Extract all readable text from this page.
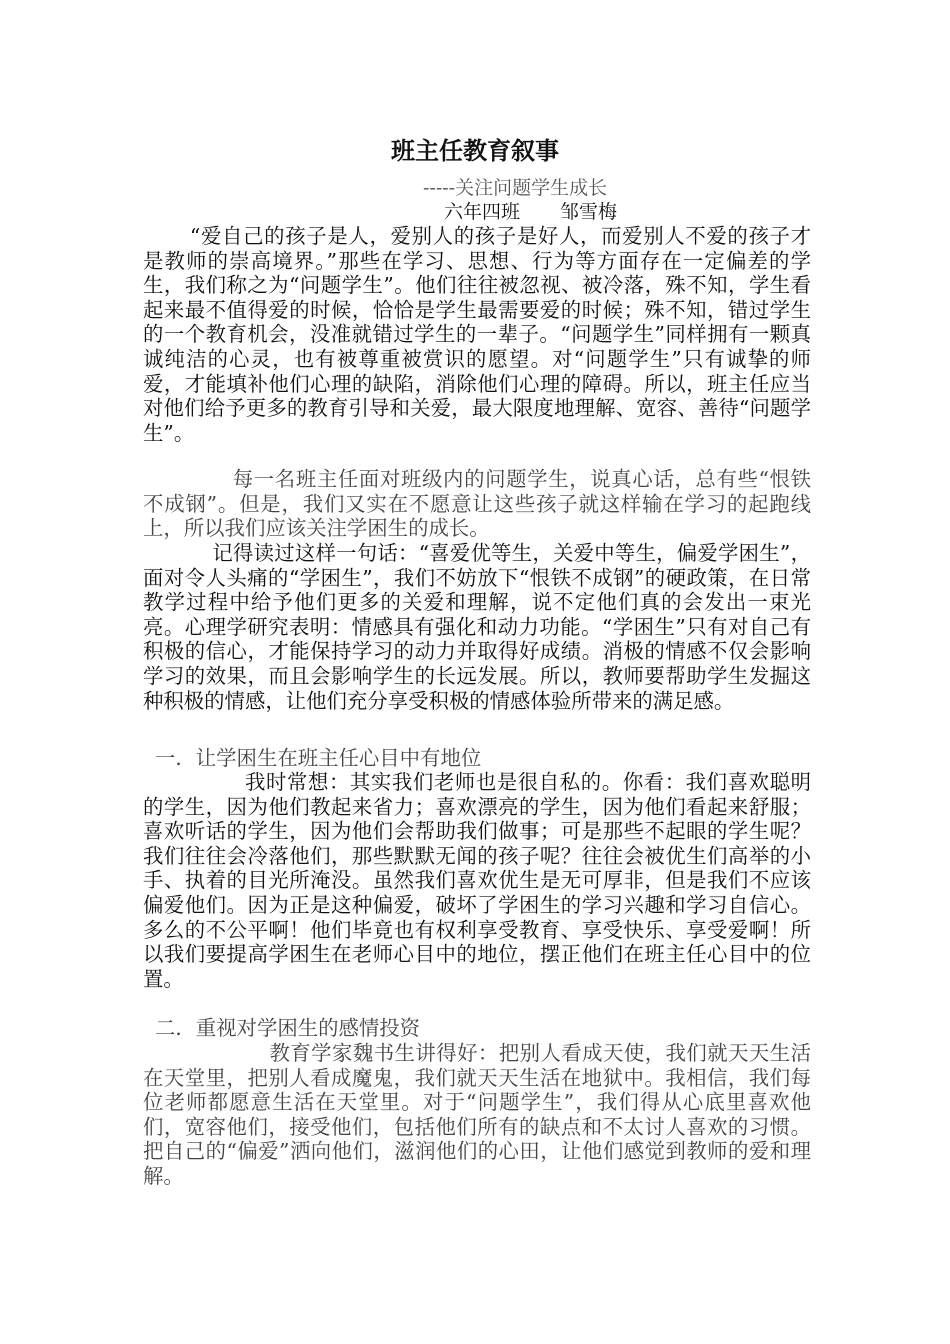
班主任教育叙事
-----关注问题学生成长
六年四班 邹雪梅
“爱自己的孩子是人，爱别人的孩子是好人，而爱别人不爱的孩子才是教师的崇高境界。”那些在学习、思想、行为等方面存在一定偏差的学生，我们称之为“问题学生”。他们往往被忽视、被冷落，殊不知，学生看起来最不值得爱的时候，恰恰是学生最需要爱的时候；殊不知，错过学生的一个教育机会，没准就错过学生的一辈子。“问题学生”同样拥有一颗真诚纯洁的心灵，也有被尊重被赏识的愿望。对“问题学生”只有诚挚的师爱，才能填补他们心理的缺陷，消除他们心理的障碍。所以，班主任应当对他们给予更多的教育引导和关爱，最大限度地理解、宽容、善待“问题学生”。
每一名班主任面对班级内的问题学生，说真心话，总有些“恨铁不成钢”。但是，我们又实在不愿意让这些孩子就这样输在学习的起跑线上，所以我们应该关注学困生的成长。
记得读过这样一句话：“喜爱优等生，关爱中等生，偏爱学困生”，面对令人头痛的“学困生”，我们不妨放下“恨铁不成钢”的硬政策，在日常教学过程中给予他们更多的关爱和理解，说不定他们真的会发出一束光亮。心理学研究表明：情感具有强化和动力功能。“学困生”只有对自己有积极的信心，才能保持学习的动力并取得好成绩。消极的情感不仅会影响学习的效果，而且会影响学生的长远发展。所以，教师要帮助学生发掘这种积极的情感，让他们充分享受积极的情感体验所带来的满足感。
一．让学困生在班主任心目中有地位
我时常想：其实我们老师也是很自私的。你看：我们喜欢聪明的学生，因为他们教起来省力；喜欢漂亮的学生，因为他们看起来舒服；喜欢听话的学生，因为他们会帮助我们做事；可是那些不起眼的学生呢？我们往往会冷落他们，那些默默无闻的孩子呢？往往会被优生们高举的小手、执着的目光所淹没。虽然我们喜欢优生是无可厚非，但是我们不应该偏爱他们。因为正是这种偏爱，破坏了学困生的学习兴趣和学习自信心。多么的不公平啊！他们毕竟也有权利享受教育、享受快乐、享受爱啊！所以我们要提高学困生在老师心目中的地位，摆正他们在班主任心目中的位置。
二．重视对学困生的感情投资
教育学家魏书生讲得好：把别人看成天使，我们就天天生活在天堂里，把别人看成魔鬼，我们就天天生活在地狱中。我相信，我们每位老师都愿意生活在天堂里。对于“问题学生”，我们得从心底里喜欢他们，宽容他们，接受他们，包括他们所有的缺点和不太讨人喜欢的习惯。把自己的“偏爱”洒向他们，滋润他们的心田，让他们感觉到教师的爱和理解。
